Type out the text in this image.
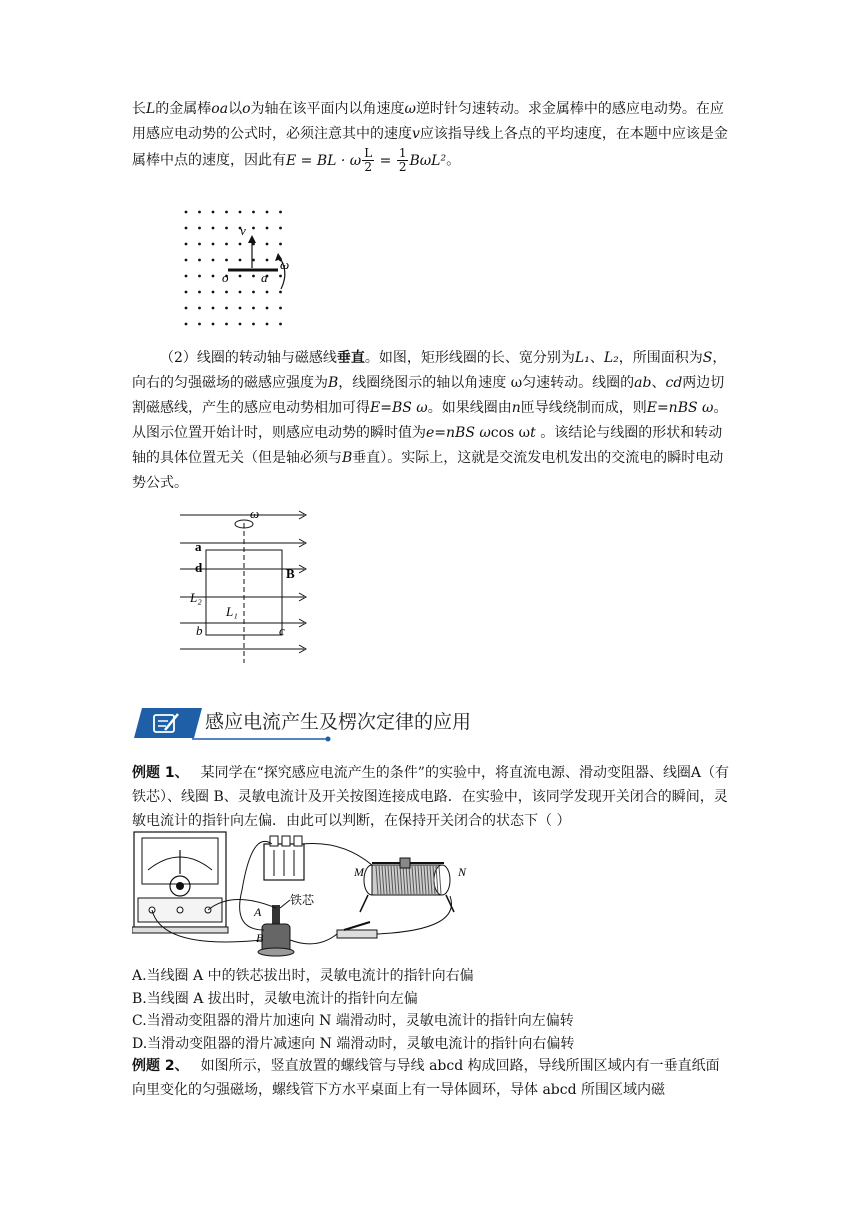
长L的金属棒oa以o为轴在该平面内以角速度ω逆时针匀速转动。求金属棒中的感应电动势。在应用感应电动势的公式时，必须注意其中的速度v应该指导线上各点的平均速度，在本题中应该是金属棒中点的速度，因此有E = BL · ω $\frac{L}{2} = \frac{1}{2} B\omega L^2$。

v
o	a
ω

（2）线圈的转动轴与磁感线垂直。如图，矩形线圈的长、宽分别为L₁、L₂，所围面积为S，向右的匀强磁场的磁感应强度为B，线圈绕图示的轴以角速度 ω匀速转动。线圈的ab、cd两边切割磁感线，产生的感应电动势相加可得E=BS ω。如果线圈由n匝导线绕制而成，则E=nBS ω。从图示位置开始计时，则感应电动势的瞬时值为e=nBS ωcos ωt 。该结论与线圈的形状和转动轴的具体位置无关（但是轴必须与B垂直）。实际上，这就是交流发电机发出的交流电的瞬时电动势公式。

ω
a
d	B
L₂
L₁
b	c
感应电流产生及楞次定律的应用

例题 1、 某同学在“探究感应电流产生的条件”的实验中，将直流电源、滑动变阻器、线圈A（有铁芯）、线圈 B、灵敏电流计及开关按图连接成电路．在实验中，该同学发现开关闭合的瞬间，灵敏电流计的指针向左偏．由此可以判断，在保持开关闭合的状态下（ ）

铁芯
A
B
M	N
A.当线圈 A 中的铁芯拔出时，灵敏电流计的指针向右偏
B.当线圈 A 拔出时，灵敏电流计的指针向左偏
C.当滑动变阻器的滑片加速向 N 端滑动时，灵敏电流计的指针向左偏转
D.当滑动变阻器的滑片减速向 N 端滑动时，灵敏电流计的指针向右偏转

例题 2、 如图所示，竖直放置的螺线管与导线 abcd 构成回路，导线所围区域内有一垂直纸面向里变化的匀强磁场，螺线管下方水平桌面上有一导体圆环，导体 abcd 所围区域内磁
